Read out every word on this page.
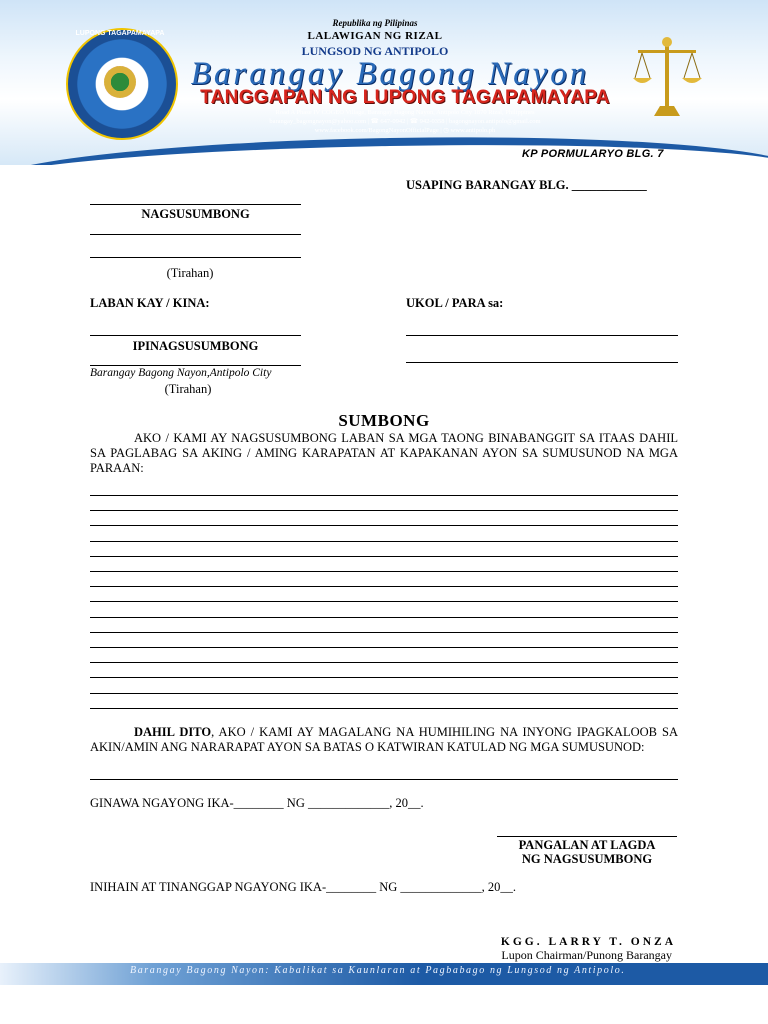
LUPONG TAGAPAMAYAPA
Republika ng Pilipinas
LALAWIGAN NG RIZAL
LUNGSOD NG ANTIPOLO
Barangay Bagong Nayon
TANGGAPAN NG LUPONG TAGAPAMAYAPA
Road A Phase IV COGEO Village, Barangay Bagong Nayon, Antipolo City 1870 Rizal, Philippines
barangay_bagongnayon@yahoo.com | ☎ 647-0942 | ☎ 942-0358 | bagongnayon.antipolo@gmail.com
www.facebook.com/BagongNayonOfficialPage | ◷ www.antipolo.ph
KP PORMULARYO BLG. 7
USAPING BARANGAY BLG. ____________
NAGSUSUMBONG
(Tirahan)
LABAN KAY / KINA:	UKOL / PARA sa:
IPINAGSUSUMBONG
Barangay Bagong Nayon,Antipolo City
(Tirahan)
SUMBONG
AKO / KAMI AY NAGSUSUMBONG LABAN SA MGA TAONG BINABANGGIT SA ITAAS DAHIL SA PAGLABAG SA AKING / AMING KARAPATAN AT KAPAKANAN AYON SA SUMUSUNOD NA MGA PARAAN:
DAHIL DITO, AKO / KAMI AY MAGALANG NA HUMIHILING NA INYONG IPAGKALOOB SA AKIN/AMIN ANG NARARAPAT AYON SA BATAS O KATWIRAN KATULAD NG MGA SUMUSUNOD:
GINAWA NGAYONG IKA-________ NG _____________, 20__.
PANGALAN AT LAGDA
NG NAGSUSUMBONG
INIHAIN AT TINANGGAP NGAYONG IKA-________ NG _____________, 20__.
KGG. LARRY T. ONZA
Lupon Chairman/Punong Barangay
Barangay Bagong Nayon: Kabalikat sa Kaunlaran at Pagbabago ng Lungsod ng Antipolo.
